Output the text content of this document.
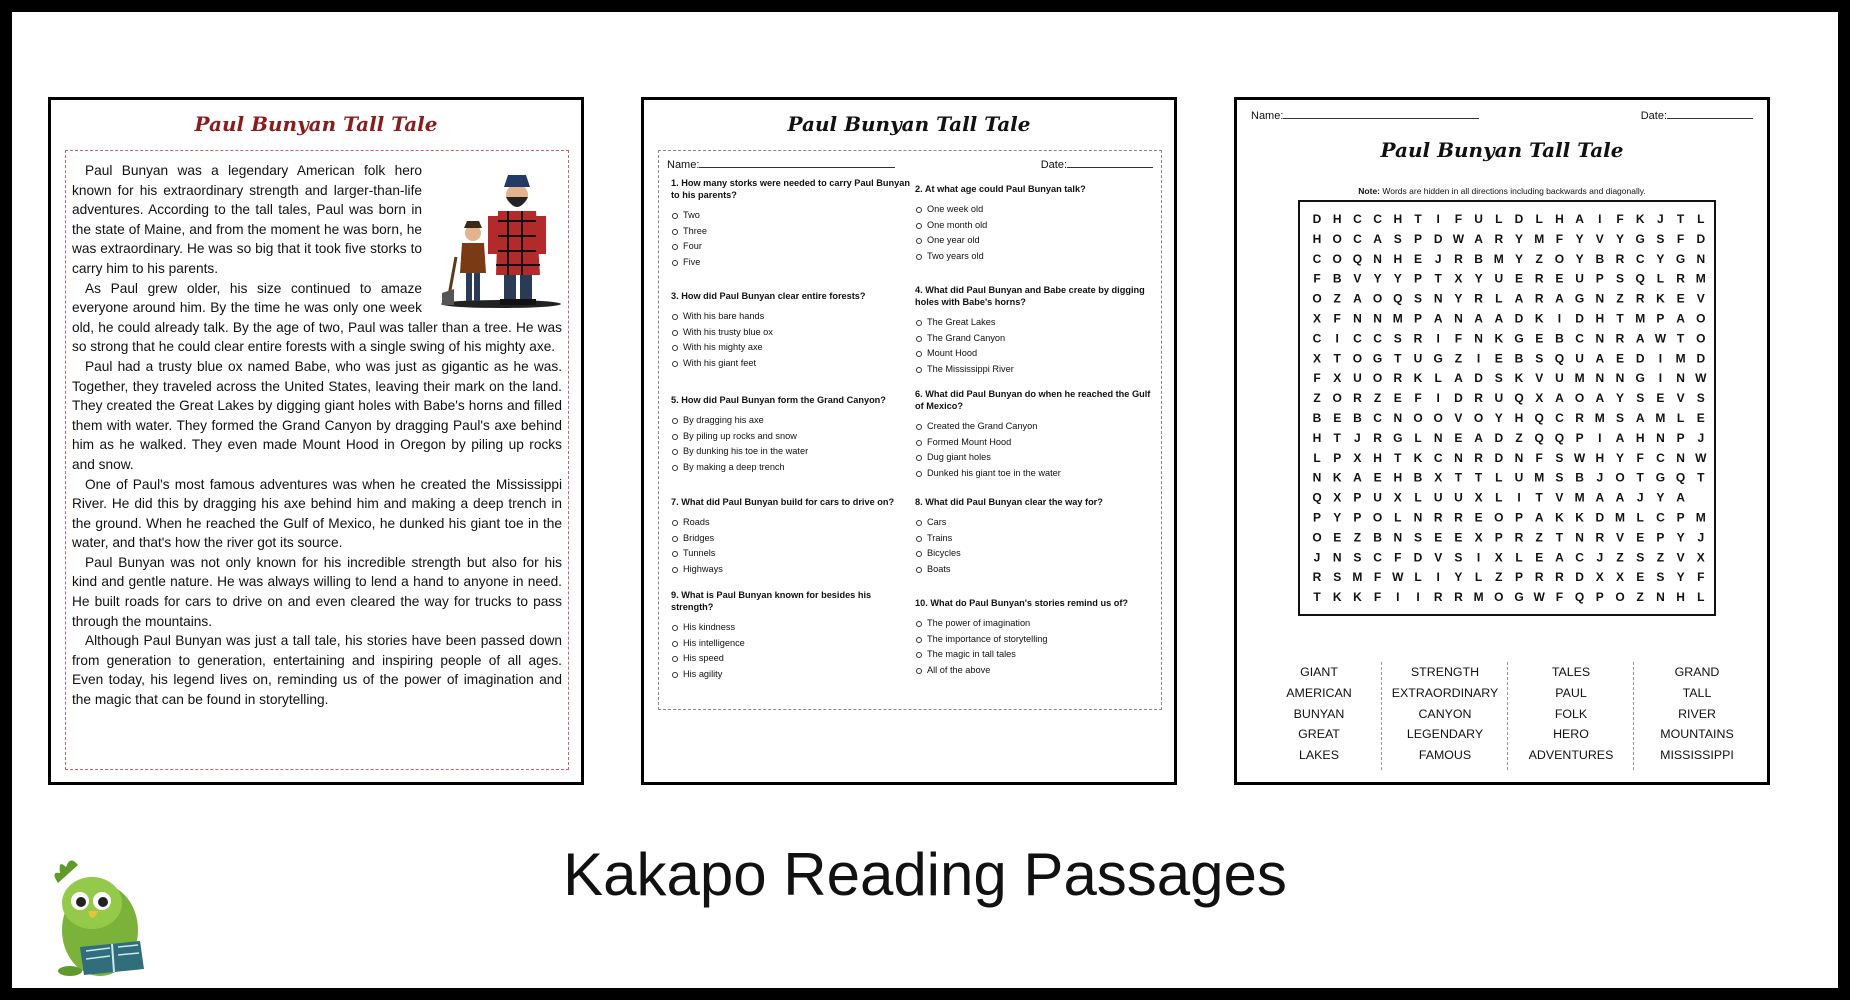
Paul Bunyan Tall Tale

Paul Bunyan was a legendary American folk hero known for his extraordinary strength and larger-than-life adventures. According to the tall tales, Paul was born in the state of Maine, and from the moment he was born, he was extraordinary. He was so big that it took five storks to carry him to his parents.

As Paul grew older, his size continued to amaze everyone around him. By the time he was only one week old, he could already talk. By the age of two, Paul was taller than a tree. He was so strong that he could clear entire forests with a single swing of his mighty axe.

Paul had a trusty blue ox named Babe, who was just as gigantic as he was. Together, they traveled across the United States, leaving their mark on the land. They created the Great Lakes by digging giant holes with Babe's horns and filled them with water. They formed the Grand Canyon by dragging Paul's axe behind him as he walked. They even made Mount Hood in Oregon by piling up rocks and snow.

One of Paul's most famous adventures was when he created the Mississippi River. He did this by dragging his axe behind him and making a deep trench in the ground. When he reached the Gulf of Mexico, he dunked his giant toe in the water, and that's how the river got its source.

Paul Bunyan was not only known for his incredible strength but also for his kind and gentle nature. He was always willing to lend a hand to anyone in need. He built roads for cars to drive on and even cleared the way for trucks to pass through the mountains.

Although Paul Bunyan was just a tall tale, his stories have been passed down from generation to generation, entertaining and inspiring people of all ages. Even today, his legend lives on, reminding us of the power of imagination and the magic that can be found in storytelling.

Paul Bunyan Tall Tale
Name:	Date:
1. How many storks were needed to carry Paul Bunyan to his parents?
Two
Three
Four
Five
3. How did Paul Bunyan clear entire forests?
With his bare hands
With his trusty blue ox
With his mighty axe
With his giant feet
5. How did Paul Bunyan form the Grand Canyon?
By dragging his axe
By piling up rocks and snow
By dunking his toe in the water
By making a deep trench
7. What did Paul Bunyan build for cars to drive on?
Roads
Bridges
Tunnels
Highways
9. What is Paul Bunyan known for besides his strength?
His kindness
His intelligence
His speed
His agility
2. At what age could Paul Bunyan talk?
One week old
One month old
One year old
Two years old
4. What did Paul Bunyan and Babe create by digging holes with Babe's horns?
The Great Lakes
The Grand Canyon
Mount Hood
The Mississippi River
6. What did Paul Bunyan do when he reached the Gulf of Mexico?
Created the Grand Canyon
Formed Mount Hood
Dug giant holes
Dunked his giant toe in the water
8. What did Paul Bunyan clear the way for?
Cars
Trains
Bicycles
Boats
10. What do Paul Bunyan's stories remind us of?
The power of imagination
The importance of storytelling
The magic in tall tales
All of the above
Name:	Date:
Paul Bunyan Tall Tale
Note: Words are hidden in all directions including backwards and diagonally.
D H C C H T I F U L D L H A I F K J T L
H O C A S P D W A R Y M F Y V Y G S F D
C O Q N H E J R B M Y Z O Y B R C Y G N
F B V Y Y P T X Y U E R E U P S Q L R M
O Z A O Q S N Y R L A R A G N Z R K E V
X F N N M P A N A A D K I D H T M P A O
C I C C S R I F N K G E B C N R A W T O
X T O G T U G Z I E B S Q U A E D I M D
F X U O R K L A D S K V U M N N G I N W
Z O R Z E F I D R U Q X A O A Y S E V S
B E B C N O O V O Y H Q C R M S A M L E
H T J R G L N E A D Z Q Q P I A H N P J
L P X H T K C N R D N F S W H Y F C N W
N K A E H B X T T L U M S B J O T G Q T
Q X P U X L U U X L I T V M A A J Y A
P Y P O L N R R E O P A K K D M L C P M
O E Z B N S E E X P R Z T N R V E P Y J
J N S C F D V S I X L E A C J Z S Z V X
R S M F W L I Y L Z P R R D X X E S Y F
T K K F I I R R M O G W F Q P O Z N H L
GIANT
AMERICAN
BUNYAN
GREAT
LAKES
STRENGTH
EXTRAORDINARY
CANYON
LEGENDARY
FAMOUS
TALES
PAUL
FOLK
HERO
ADVENTURES
GRAND
TALL
RIVER
MOUNTAINS
MISSISSIPPI
Kakapo Reading Passages
